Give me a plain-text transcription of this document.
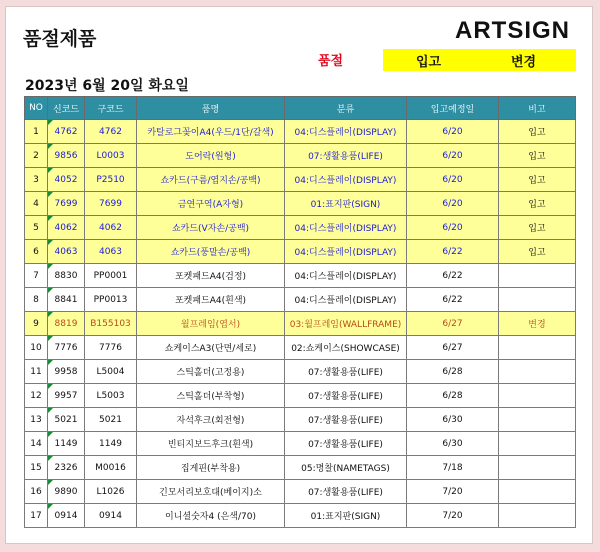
품절제품	ARTSIGN
품절	입고	변경
2023년 6월 20일 화요일
NO	신코드	구코드	품명	분류	입고예정일	비고
1	4762	4762	카탈로그꽂이A4(우드/1단/갈색)	04:디스플레이(DISPLAY)	6/20	입고
2	9856	L0003	도어락(원형)	07:생활용품(LIFE)	6/20	입고
3	4052	P2510	쇼카드(구름/엽지손/공백)	04:디스플레이(DISPLAY)	6/20	입고
4	7699	7699	금연구역(A자형)	01:표지판(SIGN)	6/20	입고
5	4062	4062	쇼카드(V자손/공백)	04:디스플레이(DISPLAY)	6/20	입고
6	4063	4063	쇼카드(풍말손/공백)	04:디스플레이(DISPLAY)	6/22	입고
7	8830	PP0001	포켓패드A4(검정)	04:디스플레이(DISPLAY)	6/22	
8	8841	PP0013	포켓패드A4(흰색)	04:디스플레이(DISPLAY)	6/22	
9	8819	B155103	월프레임(엽서)	03:월프레임(WALLFRAME)	6/27	변경
10	7776	7776	쇼케이스A3(단면/세로)	02:쇼케이스(SHOWCASE)	6/27	
11	9958	L5004	스틱홀더(고정용)	07:생활용품(LIFE)	6/28	
12	9957	L5003	스틱홀더(부착형)	07:생활용품(LIFE)	6/28	
13	5021	5021	자석후크(회전형)	07:생활용품(LIFE)	6/30	
14	1149	1149	빈티지보드후크(흰색)	07:생활용품(LIFE)	6/30	
15	2326	M0016	집게핀(부착용)	05:명찰(NAMETAGS)	7/18	
16	9890	L1026	긴모서리보호대(베이지)소	07:생활용품(LIFE)	7/20	
17	0914	0914	이니셜숫자4 (은색/70)	01:표지판(SIGN)	7/20	
